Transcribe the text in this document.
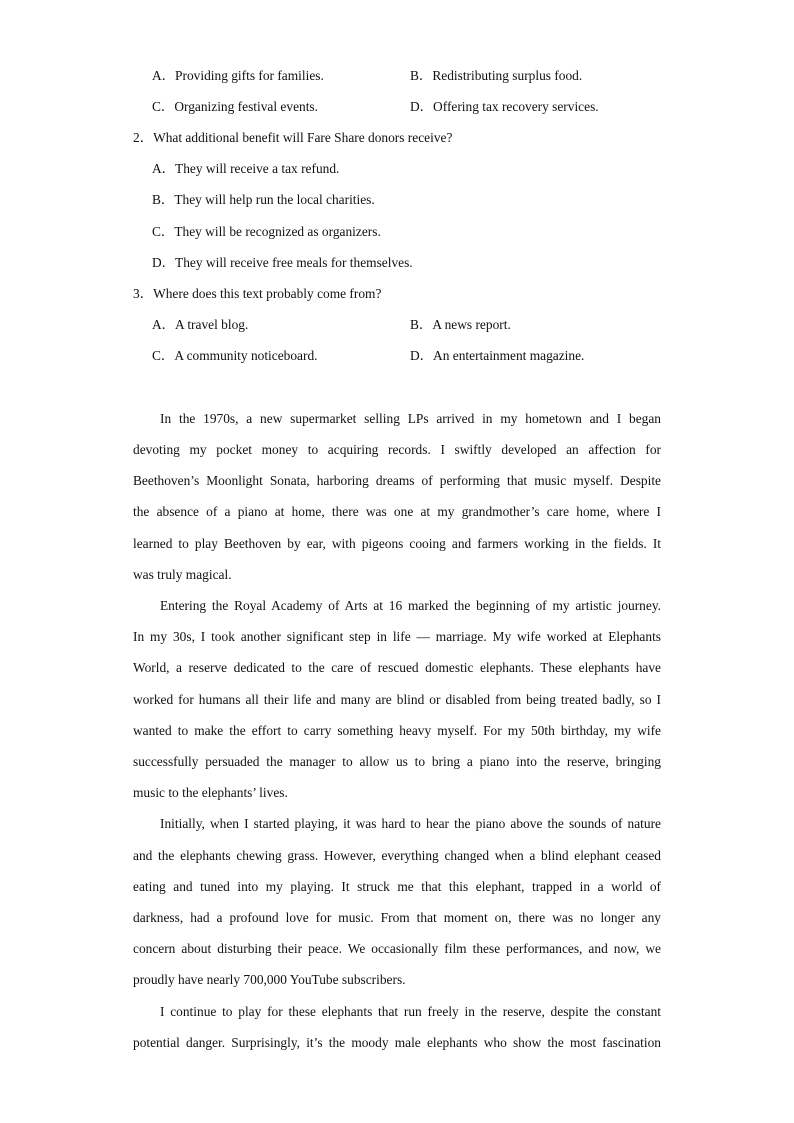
A．Providing gifts for families.	B．Redistributing surplus food.
C．Organizing festival events.	D．Offering tax recovery services.
2．What additional benefit will Fare Share donors receive?
A．They will receive a tax refund.
B．They will help run the local charities.
C．They will be recognized as organizers.
D．They will receive free meals for themselves.
3．Where does this text probably come from?
A．A travel blog.	B．A news report.
C．A community noticeboard.	D．An entertainment magazine.
In the 1970s, a new supermarket selling LPs arrived in my hometown and I began
devoting my pocket money to acquiring records. I swiftly developed an affection for
Beethoven’s Moonlight Sonata, harboring dreams of performing that music myself. Despite
the absence of a piano at home, there was one at my grandmother’s care home, where I
learned to play Beethoven by ear, with pigeons cooing and farmers working in the fields. It
was truly magical.
Entering the Royal Academy of Arts at 16 marked the beginning of my artistic journey.
In my 30s, I took another significant step in life — marriage. My wife worked at Elephants
World, a reserve dedicated to the care of rescued domestic elephants. These elephants have
worked for humans all their life and many are blind or disabled from being treated badly, so I
wanted to make the effort to carry something heavy myself. For my 50th birthday, my wife
successfully persuaded the manager to allow us to bring a piano into the reserve, bringing
music to the elephants’ lives.
Initially, when I started playing, it was hard to hear the piano above the sounds of nature
and the elephants chewing grass. However, everything changed when a blind elephant ceased
eating and tuned into my playing. It struck me that this elephant, trapped in a world of
darkness, had a profound love for music. From that moment on, there was no longer any
concern about disturbing their peace. We occasionally film these performances, and now, we
proudly have nearly 700,000 YouTube subscribers.
I continue to play for these elephants that run freely in the reserve, despite the constant
potential danger. Surprisingly, it’s the moody male elephants who show the most fascination
